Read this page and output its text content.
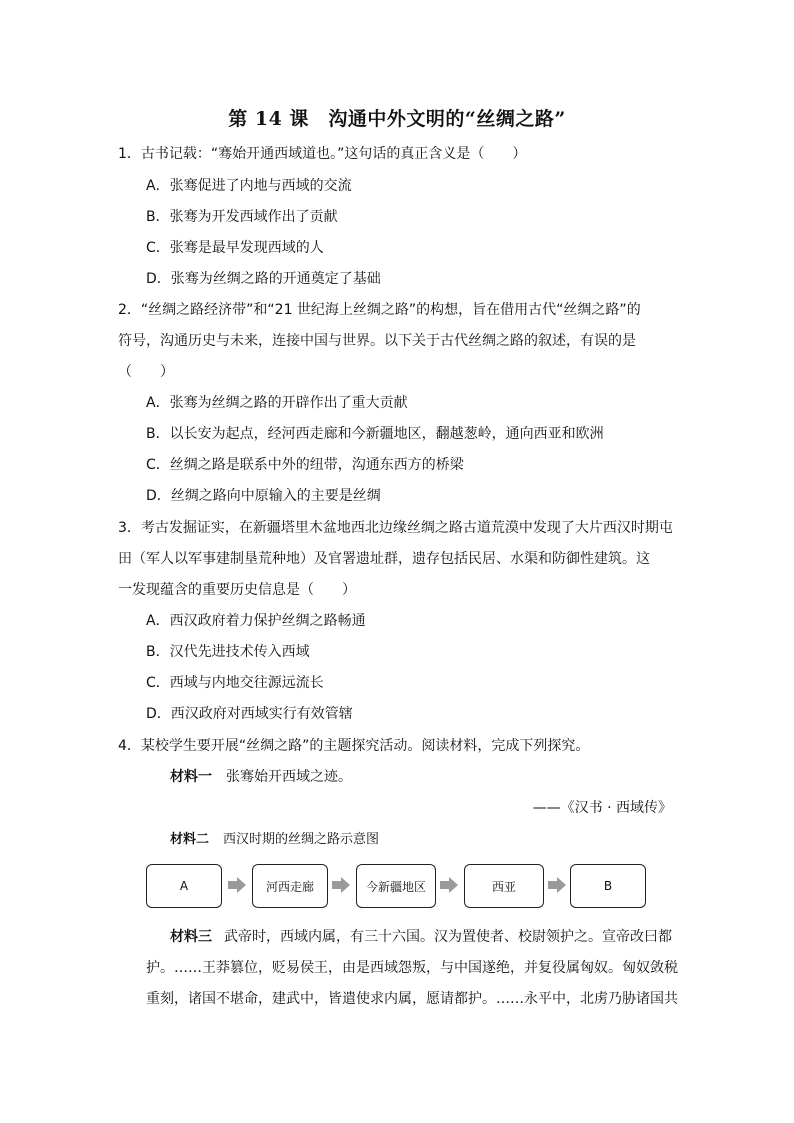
第 14 课　沟通中外文明的“丝绸之路”
1．古书记载：“骞始开通西域道也。”这句话的真正含义是（　　）
A．张骞促进了内地与西域的交流
B．张骞为开发西域作出了贡献
C．张骞是最早发现西域的人
D．张骞为丝绸之路的开通奠定了基础
2．“丝绸之路经济带”和“21 世纪海上丝绸之路”的构想，旨在借用古代“丝绸之路”的
符号，沟通历史与未来，连接中国与世界。以下关于古代丝绸之路的叙述，有误的是
（　　）
A．张骞为丝绸之路的开辟作出了重大贡献
B．以长安为起点，经河西走廊和今新疆地区，翻越葱岭，通向西亚和欧洲
C．丝绸之路是联系中外的纽带，沟通东西方的桥梁
D．丝绸之路向中原输入的主要是丝绸
3．考古发掘证实，在新疆塔里木盆地西北边缘丝绸之路古道荒漠中发现了大片西汉时期屯
田（军人以军事建制垦荒种地）及官署遗址群，遗存包括民居、水渠和防御性建筑。这
一发现蕴含的重要历史信息是（　　）
A．西汉政府着力保护丝绸之路畅通
B．汉代先进技术传入西域
C．西域与内地交往源远流长
D．西汉政府对西域实行有效管辖
4．某校学生要开展“丝绸之路”的主题探究活动。阅读材料，完成下列探究。
材料一 张骞始开西域之迹。
——《汉书 · 西域传》
材料二 西汉时期的丝绸之路示意图
A	河西走廊	今新疆地区	西亚	B
材料三 武帝时，西域内属，有三十六国。汉为置使者、校尉领护之。宣帝改曰都
护。……王莽篡位，贬易侯王，由是西域怨叛，与中国遂绝，并复役属匈奴。匈奴敛税
重刻，诸国不堪命，建武中，皆遣使求内属，愿请都护。……永平中，北虏乃胁诸国共
